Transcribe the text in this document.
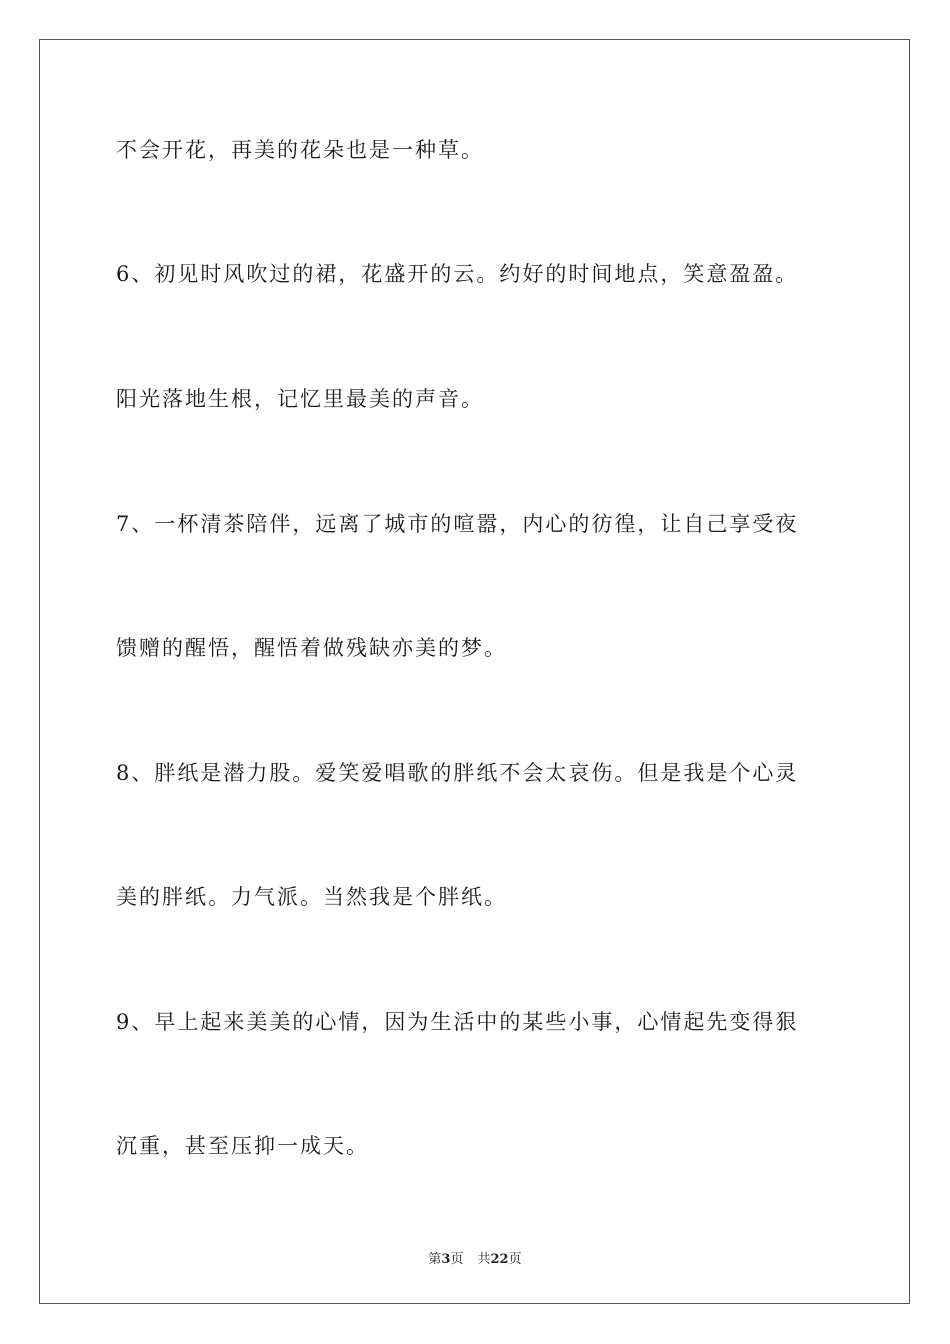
不会开花，再美的花朵也是一种草。
6、初见时风吹过的裙，花盛开的云。约好的时间地点，笑意盈盈。
阳光落地生根，记忆里最美的声音。
7、一杯清茶陪伴，远离了城市的喧嚣，内心的彷徨，让自己享受夜
馈赠的醒悟，醒悟着做残缺亦美的梦。
8、胖纸是潜力股。爱笑爱唱歌的胖纸不会太哀伤。但是我是个心灵
美的胖纸。力气派。当然我是个胖纸。
9、早上起来美美的心情，因为生活中的某些小事，心情起先变得狠
沉重，甚至压抑一成天。
第3页 共22页
